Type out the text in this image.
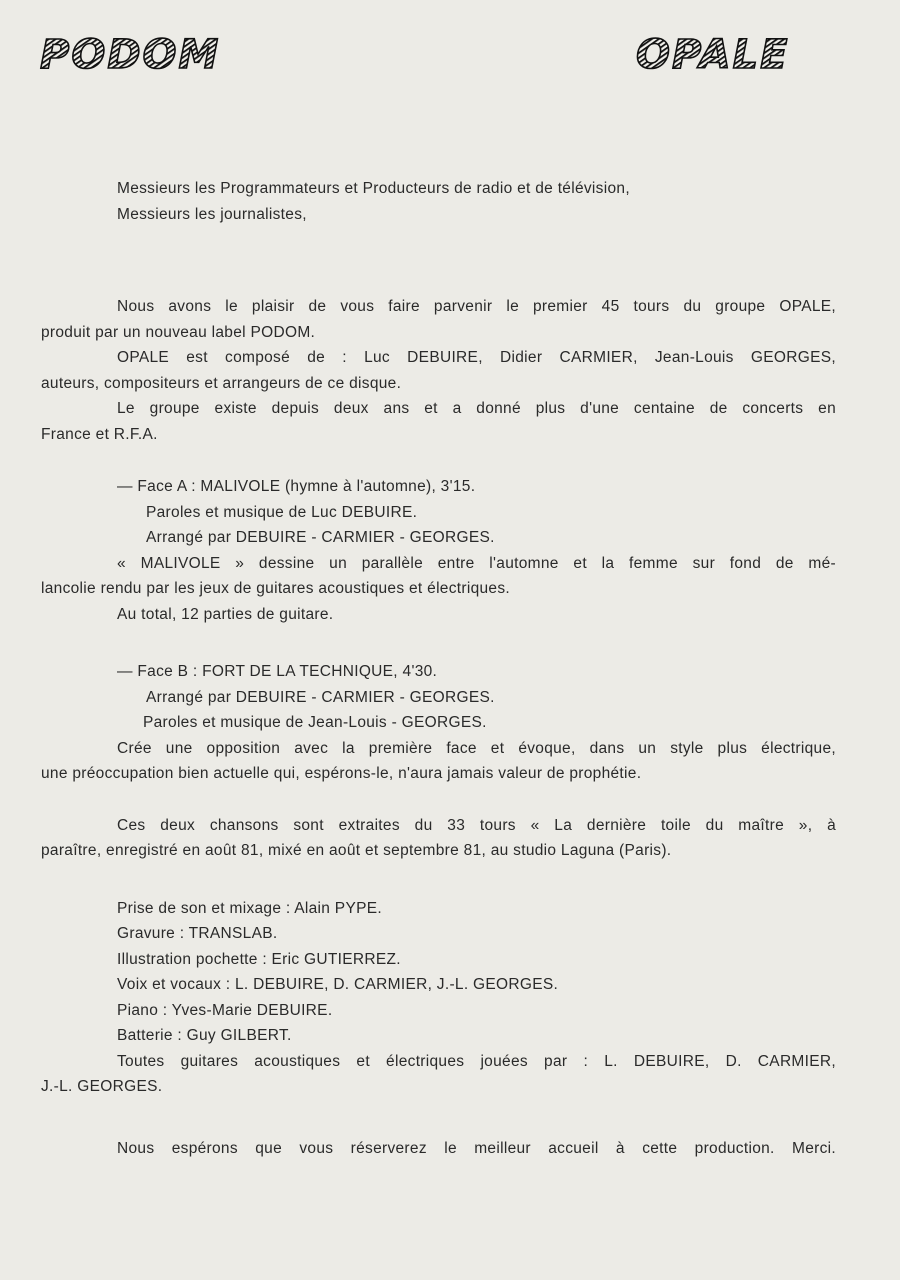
PODOM	OPALE
Messieurs les Programmateurs et Producteurs de radio et de télévision,
Messieurs les journalistes,
Nous avons le plaisir de vous faire parvenir le premier 45 tours du groupe OPALE,
produit par un nouveau label PODOM.
OPALE est composé de : Luc DEBUIRE, Didier CARMIER, Jean-Louis GEORGES,
auteurs, compositeurs et arrangeurs de ce disque.
Le groupe existe depuis deux ans et a donné plus d'une centaine de concerts en
France et R.F.A.
— Face A : MALIVOLE (hymne à l'automne), 3'15.
Paroles et musique de Luc DEBUIRE.
Arrangé par DEBUIRE - CARMIER - GEORGES.
« MALIVOLE » dessine un parallèle entre l'automne et la femme sur fond de mé-
lancolie rendu par les jeux de guitares acoustiques et électriques.
Au total, 12 parties de guitare.
— Face B : FORT DE LA TECHNIQUE, 4'30.
Arrangé par DEBUIRE - CARMIER - GEORGES.
Paroles et musique de Jean-Louis - GEORGES.
Crée une opposition avec la première face et évoque, dans un style plus électrique,
une préoccupation bien actuelle qui, espérons-le, n'aura jamais valeur de prophétie.
Ces deux chansons sont extraites du 33 tours « La dernière toile du maître », à
paraître, enregistré en août 81, mixé en août et septembre 81, au studio Laguna (Paris).
Prise de son et mixage : Alain PYPE.
Gravure : TRANSLAB.
Illustration pochette : Eric GUTIERREZ.
Voix et vocaux : L. DEBUIRE, D. CARMIER, J.-L. GEORGES.
Piano : Yves-Marie DEBUIRE.
Batterie : Guy GILBERT.
Toutes guitares acoustiques et électriques jouées par : L. DEBUIRE, D. CARMIER,
J.-L. GEORGES.
Nous espérons que vous réserverez le meilleur accueil à cette production. Merci.
